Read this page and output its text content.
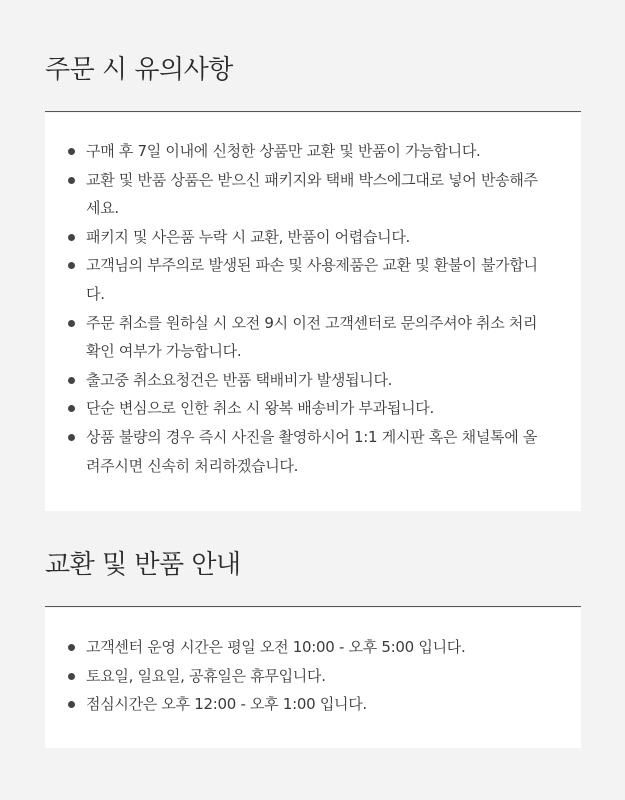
주문 시 유의사항
구매 후 7일 이내에 신청한 상품만 교환 및 반품이 가능합니다.
교환 및 반품 상품은 받으신 패키지와 택배 박스에그대로 넣어 반송해주세요.
패키지 및 사은품 누락 시 교환, 반품이 어렵습니다.
고객님의 부주의로 발생된 파손 및 사용제품은 교환 및 환불이 불가합니다.
주문 취소를 원하실 시 오전 9시 이전 고객센터로 문의주셔야 취소 처리 확인 여부가 가능합니다.
출고중 취소요청건은 반품 택배비가 발생됩니다.
단순 변심으로 인한 취소 시 왕복 배송비가 부과됩니다.
상품 불량의 경우 즉시 사진을 촬영하시어 1:1 게시판 혹은 채널톡에 올려주시면 신속히 처리하겠습니다.
교환 및 반품 안내
고객센터 운영 시간은 평일 오전 10:00 - 오후 5:00 입니다.
토요일, 일요일, 공휴일은 휴무입니다.
점심시간은 오후 12:00 - 오후 1:00 입니다.
